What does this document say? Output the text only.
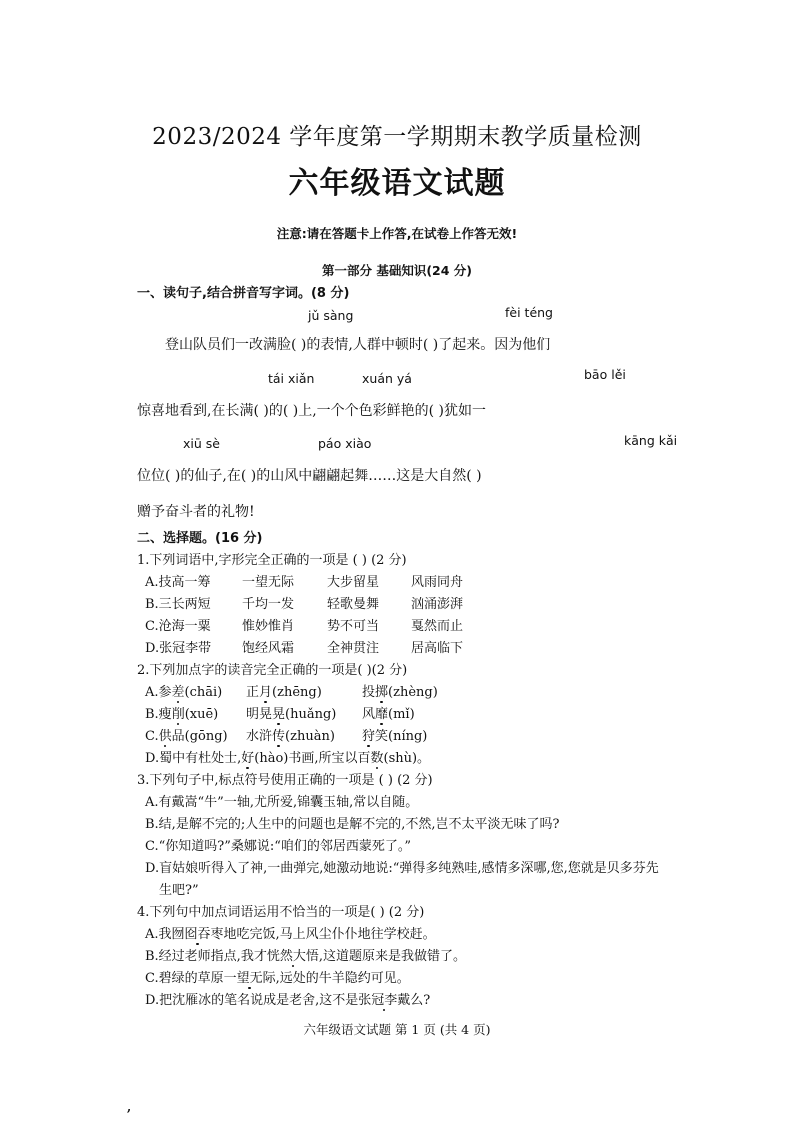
2023/2024 学年度第一学期期末教学质量检测
六年级语文试题
注意:请在答题卡上作答,在试卷上作答无效!
第一部分 基础知识(24 分)
一、读句子,结合拼音写字词。(8 分)
jǔ sàng	fèi téng
登山队员们一改满脸( )的表情,人群中顿时( )了起来。因为他们
tái xiǎn	xuán yá	bāo lěi
惊喜地看到,在长满( )的( )上,一个个色彩鲜艳的( )犹如一
xiū sè	páo xiào	kāng kǎi
位位( )的仙子,在( )的山风中翩翩起舞……这是大自然( )
赠予奋斗者的礼物!
二、选择题。(16 分)
1.下列词语中,字形完全正确的一项是 ( ) (2 分)
A.技高一筹 一望无际	大步留星 风雨同舟
B.三长两短 千均一发	轻歌曼舞 汹涌澎湃
C.沧海一粟 惟妙惟肖	势不可当 戛然而止
D.张冠李带 饱经风霜	全神贯注 居高临下
2.下列加点字的读音完全正确的一项是( )(2 分)
A.参差(chāi) 正月(zhēng)	投掷(zhèng)
B.瘦削(xuē) 明晃晃(huǎng) 风靡(mǐ)
C.供品(gōng) 水浒传(zhuàn) 狩笑(níng)
D.蜀中有杜处士,好(hào)书画,所宝以百数(shù)。
3.下列句子中,标点符号使用正确的一项是 ( ) (2 分)
A.有戴嵩“牛”一轴,尤所爱,锦囊玉轴,常以自随。
B.结,是解不完的;人生中的问题也是解不完的,不然,岂不太平淡无味了吗?
C.“你知道吗?”桑娜说:“咱们的邻居西蒙死了。”
D.盲姑娘听得入了神,一曲弹完,她激动地说:“弹得多纯熟哇,感情多深哪,您,您就是贝多芬先
生吧?”
4.下列句中加点词语运用不恰当的一项是( ) (2 分)
A.我囫囵吞枣地吃完饭,马上风尘仆仆地往学校赶。
B.经过老师指点,我才恍然大悟,这道题原来是我做错了。
C.碧绿的草原一望无际,远处的牛羊隐约可见。
D.把沈雁冰的笔名说成是老舍,这不是张冠李戴么?
六年级语文试题 第 1 页 (共 4 页)
,
